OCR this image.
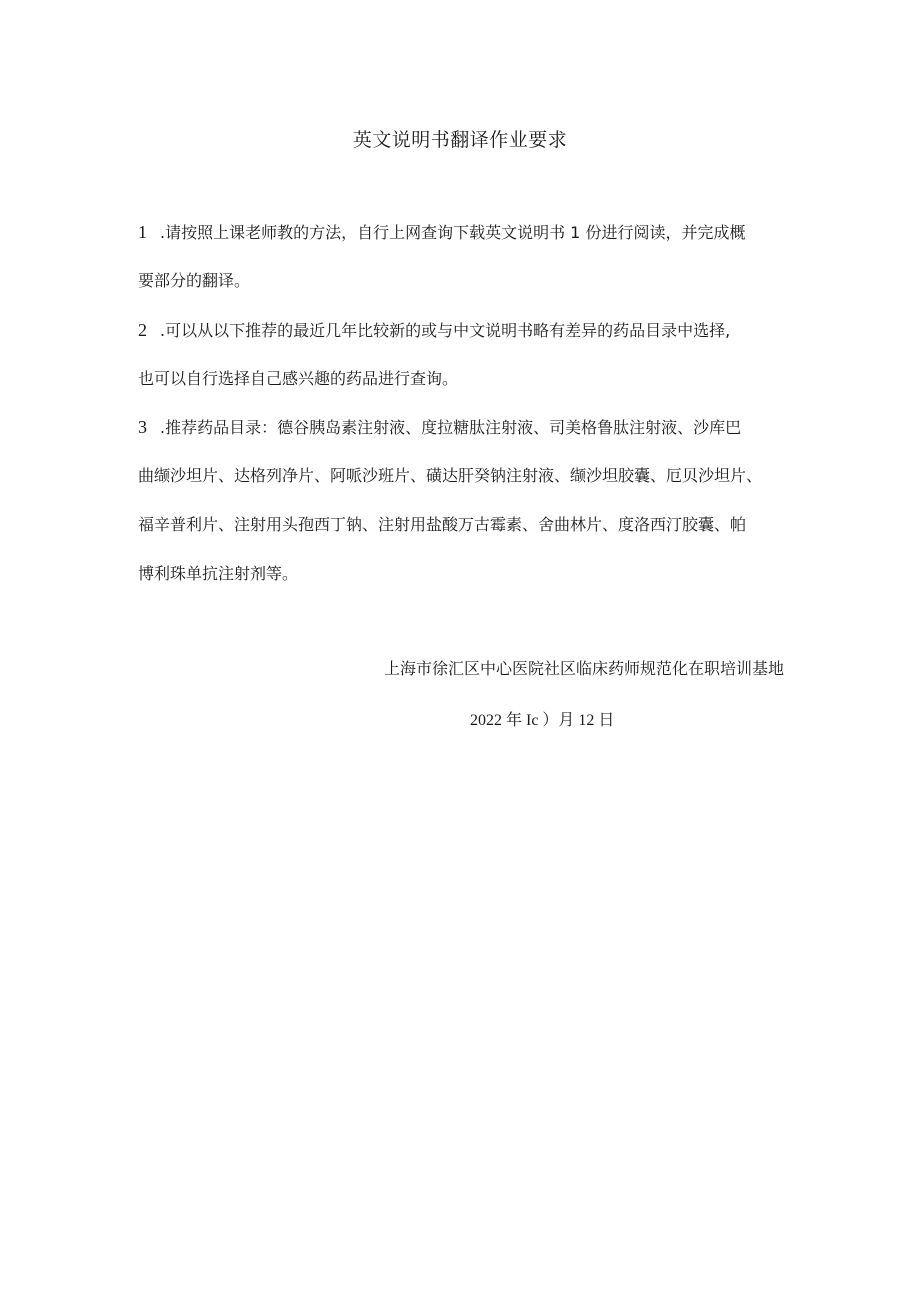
英文说明书翻译作业要求
1 .请按照上课老师教的方法，自行上网查询下载英文说明书 1 份进行阅读，并完成概
要部分的翻译。
2 .可以从以下推荐的最近几年比较新的或与中文说明书略有差异的药品目录中选择,
也可以自行选择自己感兴趣的药品进行查询。
3 .推荐药品目录：德谷胰岛素注射液、度拉糖肽注射液、司美格鲁肽注射液、沙库巴
曲缬沙坦片、达格列净片、阿哌沙班片、磺达肝癸钠注射液、缬沙坦胶囊、厄贝沙坦片、
福辛普利片、注射用头孢西丁钠、注射用盐酸万古霉素、舍曲林片、度洛西汀胶囊、帕
博利珠单抗注射剂等。
上海市徐汇区中心医院社区临床药师规范化在职培训基地
2022 年 Ic ）月 12 日
